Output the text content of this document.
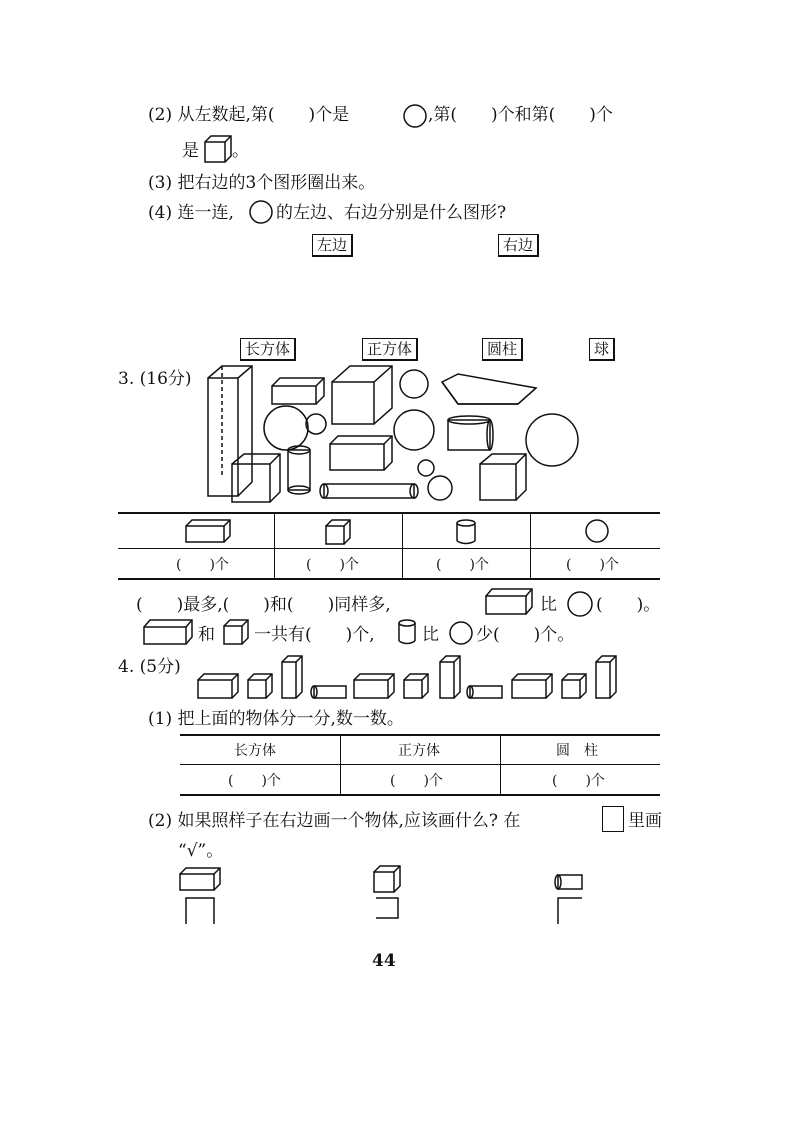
(2) 从左数起,第(　　)个是	,第(　　)个和第(　　)个
是 。
(3) 把右边的3个图形圈出来。
(4) 连一连, 的左边、右边分别是什么图形?
左边	右边
长方体	正方体	圆柱	球
3. (16分)
(　　)个	(　　)个	(　　)个	(　　)个
(　　)最多,(　　)和(　　)同样多,	比 (　　)。
和 一共有(　　)个,	比 少(　　)个。
4. (5分)
(1) 把上面的物体分一分,数一数。
长方体	正方体	圆　柱
(　　)个	(　　)个	(　　)个
(2) 如果照样子在右边画一个物体,应该画什么? 在	里画
“√”。
44
